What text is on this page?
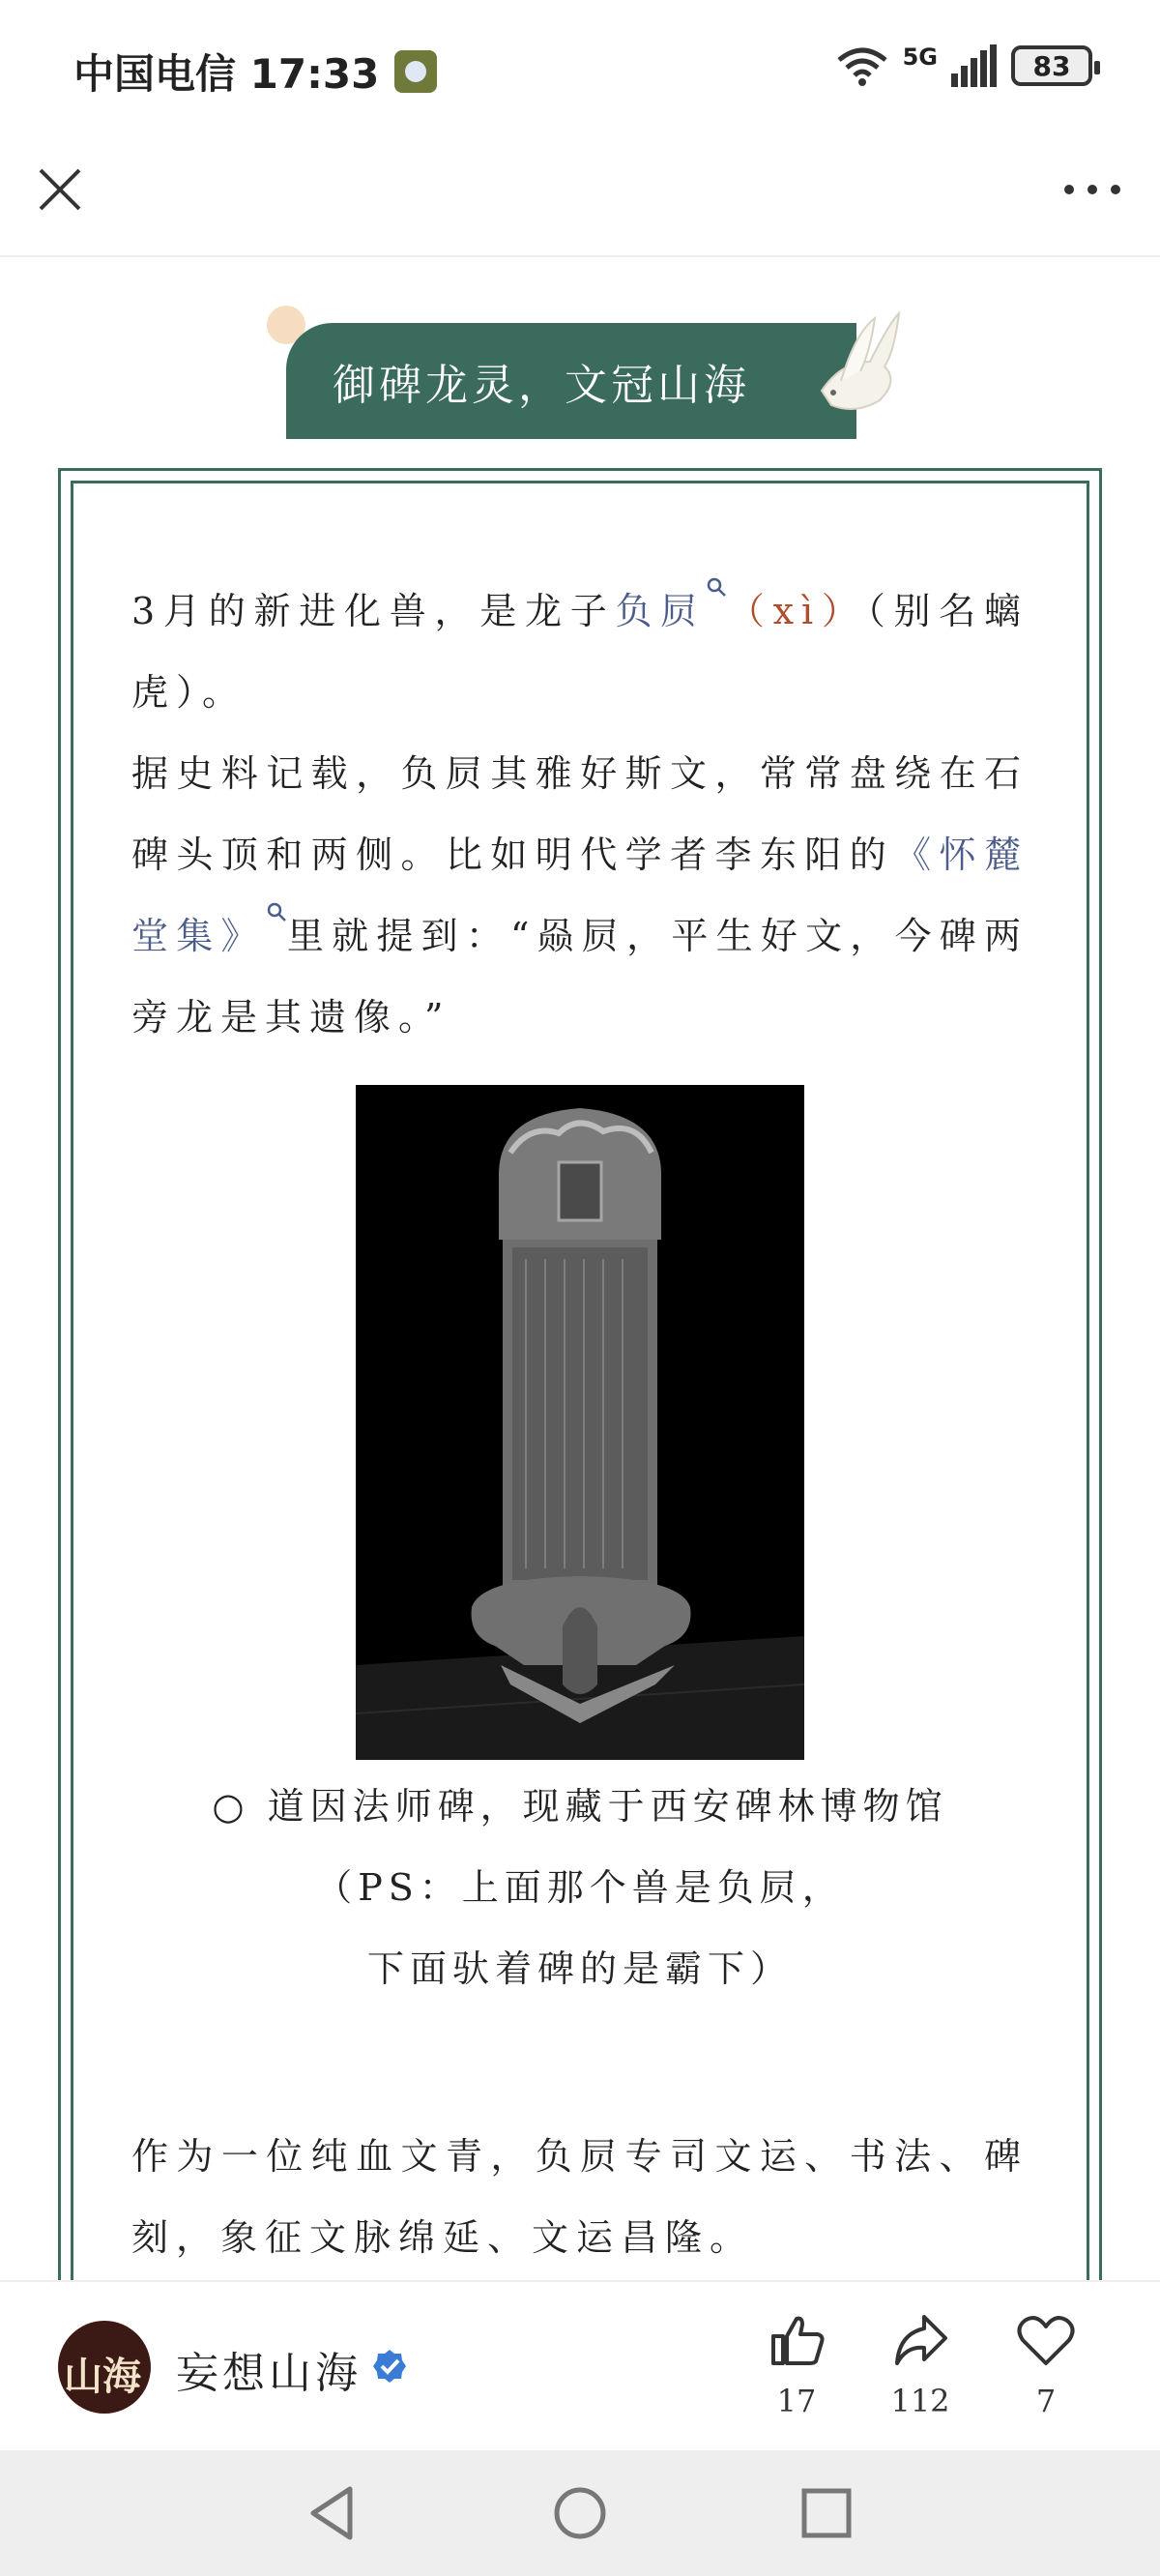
中国电信 17:33	5G	83
御碑龙灵，文冠山海
3月的新进化兽，是龙子负屃 （xì）（别名螭虎）。
据史料记载，负屃其雅好斯文，常常盘绕在石碑头顶和两侧。比如明代学者李东阳的《怀麓堂集》 里就提到：“赑屃，平生好文，今碑两旁龙是其遗像。”
○ 道因法师碑，现藏于西安碑林博物馆
（PS：上面那个兽是负屃，
下面驮着碑的是霸下）
作为一位纯血文青，负屃专司文运、书法、碑刻，象征文脉绵延、文运昌隆。
山海 妄想山海
17	112	7
